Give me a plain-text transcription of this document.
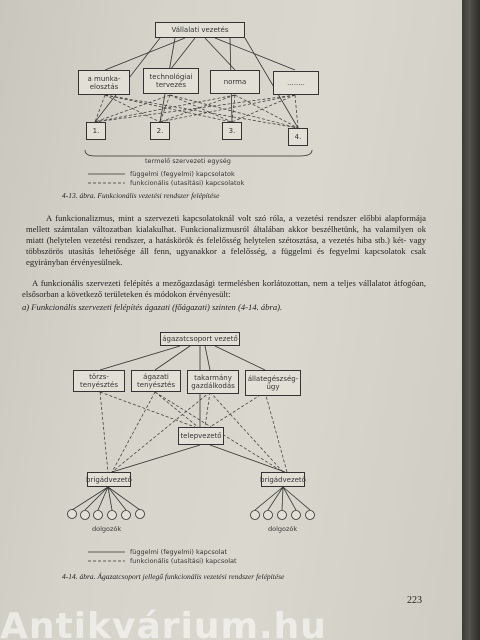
Vállalati vezetés
a munka-
elosztás
technológiai
tervezés	norma	........
1.	2.	3.
4.
termelő szervezeti egység
függelmi (fegyelmi) kapcsolatok
funkcionális (utasítási) kapcsolatok
4-13. ábra. Funkcionális vezetési rendszer felépítése
A funkcionalizmus, mint a szervezeti kapcsolatoknál volt szó róla, a vezetési rendszer előbbi alapformája mellett számtalan változatban kialakulhat. Funkcionalizmusról általában akkor beszélhetünk, ha valamilyen ok miatt (helytelen vezetési rendszer, a hatáskörök és felelősség helytelen szétosztása, a vezetés hiba stb.) két- vagy többszörös utasítás lehetősége áll fenn, ugyanakkor a felelősség, a függelmi és fegyelmi kapcsolatok csak egyirányban érvényesülnek.
A funkcionális szervezeti felépítés a mezőgazdasági termelésben korlátozottan, nem a teljes vállalatot átfogóan, elsősorban a következő területeken és módokon érvényesült:
a) Funkcionális szervezeti felépítés ágazati (főágazati) szinten (4-14. ábra).
ágazatcsoport vezető
törzs-
tenyésztés
ágazati
tenyésztés
takarmány
gazdálkodás
állategészség-
ügy
telepvezető
brigádvezető	brigádvezető
dolgozók	dolgozók
függelmi (fegyelmi) kapcsolat
funkcionális (utasítási) kapcsolat
4-14. ábra. Ágazatcsoport jellegű funkcionális vezetési rendszer felépítése
223
Antikvárium.hu
